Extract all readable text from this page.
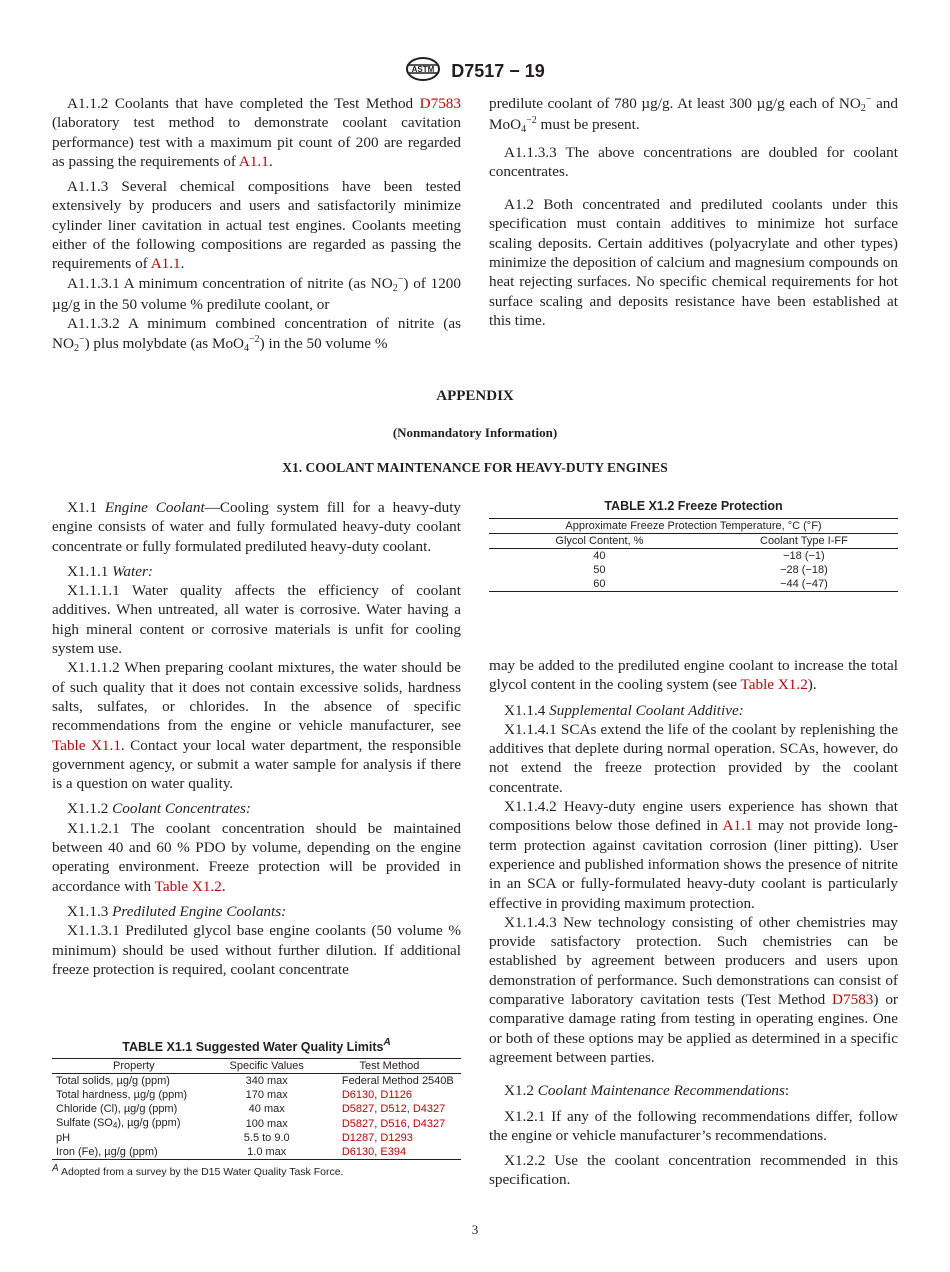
ASTM D7517 − 19

A1.1.2 Coolants that have completed the Test Method D7583 (laboratory test method to demonstrate coolant cavitation performance) test with a maximum pit count of 200 are regarded as passing the requirements of A1.1.

A1.1.3 Several chemical compositions have been tested extensively by producers and users and satisfactorily minimize cylinder liner cavitation in actual test engines. Coolants meeting either of the following compositions are regarded as passing the requirements of A1.1.

A1.1.3.1 A minimum concentration of nitrite (as NO2−) of 1200 µg/g in the 50 volume % predilute coolant, or

A1.1.3.2 A minimum combined concentration of nitrite (as NO2−) plus molybdate (as $MoO4^{-2}$) in the 50 volume %

predilute coolant of 780 µg/g. At least 300 µg/g each of NO2− and $MoO4^{-2}$ must be present.

A1.1.3.3 The above concentrations are doubled for coolant concentrates.

A1.2 Both concentrated and prediluted coolants under this specification must contain additives to minimize hot surface scaling deposits. Certain additives (polyacrylate and other types) minimize the deposition of calcium and magnesium compounds on heat rejecting surfaces. No specific chemical requirements for hot surface scaling and deposits resistance have been established at this time.

APPENDIX
(Nonmandatory Information)
X1. COOLANT MAINTENANCE FOR HEAVY-DUTY ENGINES

X1.1 Engine Coolant—Cooling system fill for a heavy-duty engine consists of water and fully formulated heavy-duty coolant concentrate or fully formulated prediluted heavy-duty coolant.

X1.1.1 Water:

X1.1.1.1 Water quality affects the efficiency of coolant additives. When untreated, all water is corrosive. Water having a high mineral content or corrosive materials is unfit for cooling system use.

X1.1.1.2 When preparing coolant mixtures, the water should be of such quality that it does not contain excessive solids, hardness salts, sulfates, or chlorides. In the absence of specific recommendations from the engine or vehicle manufacturer, see Table X1.1. Contact your local water department, the responsible government agency, or submit a water sample for analysis if there is a question on water quality.

X1.1.2 Coolant Concentrates:

X1.1.2.1 The coolant concentration should be maintained between 40 and 60 % PDO by volume, depending on the engine operating environment. Freeze protection will be provided in accordance with Table X1.2.

X1.1.3 Prediluted Engine Coolants:

X1.1.3.1 Prediluted glycol base engine coolants (50 volume % minimum) should be used without further dilution. If additional freeze protection is required, coolant concentrate

TABLE X1.1 Suggested Water Quality Limits$^A$
Property	Specific Values	Test Method
Total solids, µg/g (ppm)	340 max	Federal Method 2540B
Total hardness, µg/g (ppm)	170 max	D6130, D1126
Chloride (Cl), µg/g (ppm)	40 max	D5827, D512, D4327
Sulfate (SO4), µg/g (ppm)	100 max	D5827, D516, D4327
pH	5.5 to 9.0	D1287, D1293
Iron (Fe), µg/g (ppm)	1.0 max	D6130, E394
A Adopted from a survey by the D15 Water Quality Task Force.
TABLE X1.2 Freeze Protection
Approximate Freeze Protection Temperature, °C (°F)	
Glycol Content, %	Coolant Type I-FF
40	−18 (−1)
50	−28 (−18)
60	−44 (−47)

may be added to the prediluted engine coolant to increase the total glycol content in the cooling system (see Table X1.2).

X1.1.4 Supplemental Coolant Additive:

X1.1.4.1 SCAs extend the life of the coolant by replenishing the additives that deplete during normal operation. SCAs, however, do not extend the freeze protection provided by the coolant concentrate.

X1.1.4.2 Heavy-duty engine users experience has shown that compositions below those defined in A1.1 may not provide long-term protection against cavitation corrosion (liner pitting). User experience and published information shows the presence of nitrite in an SCA or fully-formulated heavy-duty coolant is particularly effective in providing maximum protection.

X1.1.4.3 New technology consisting of other chemistries may provide satisfactory protection. Such chemistries can be established by agreement between producers and users upon demonstration of performance. Such demonstrations can consist of comparative laboratory cavitation tests (Test Method D7583) or comparative damage rating from testing in operating engines. One or both of these options may be applied as determined in a specific agreement between parties.

X1.2 Coolant Maintenance Recommendations:

X1.2.1 If any of the following recommendations differ, follow the engine or vehicle manufacturer’s recommendations.

X1.2.2 Use the coolant concentration recommended in this specification.

3
